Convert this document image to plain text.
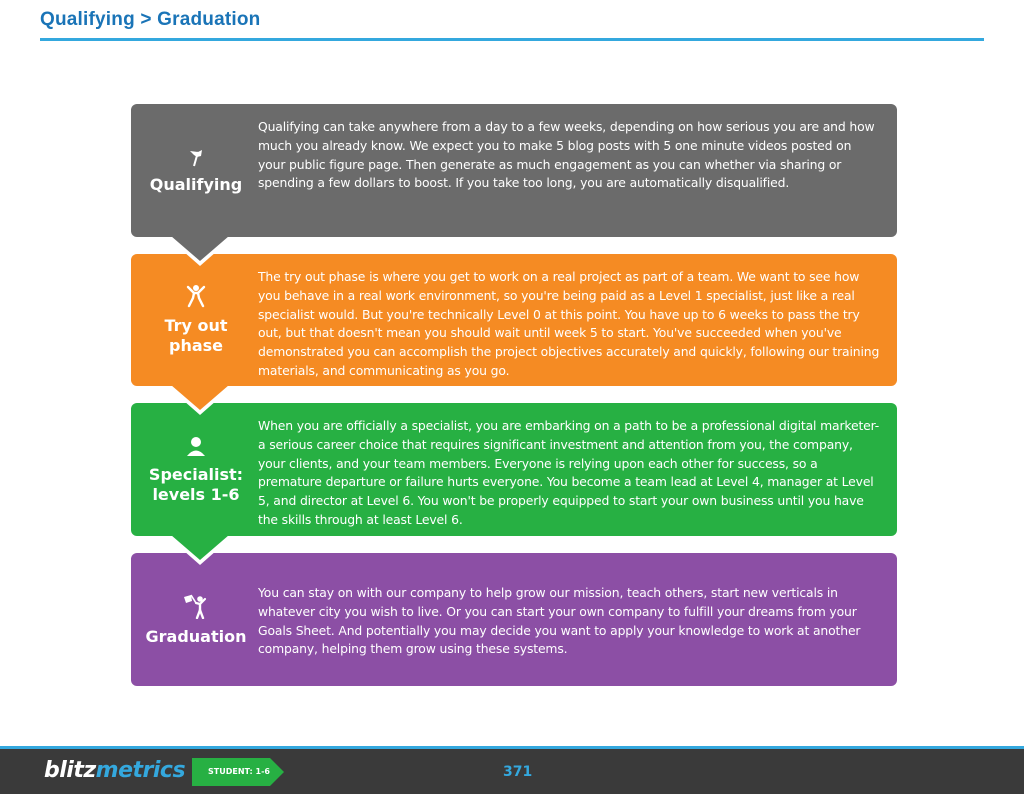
Qualifying > Graduation
Qualifying
Qualifying can take anywhere from a day to a few weeks, depending on how serious you are and how much you already know. We expect you to make 5 blog posts with 5 one minute videos posted on your public figure page. Then generate as much engagement as you can whether via sharing or spending a few dollars to boost. If you take too long, you are automatically disqualified.
Try out phase
The try out phase is where you get to work on a real project as part of a team. We want to see how you behave in a real work environment, so you're being paid as a Level 1 specialist, just like a real specialist would. But you're technically Level 0 at this point. You have up to 6 weeks to pass the try out, but that doesn't mean you should wait until week 5 to start. You've succeeded when you've demonstrated you can accomplish the project objectives accurately and quickly, following our training materials, and communicating as you go.
Specialist: levels 1-6
When you are officially a specialist, you are embarking on a path to be a professional digital marketer- a serious career choice that requires significant investment and attention from you, the company, your clients, and your team members. Everyone is relying upon each other for success, so a premature departure or failure hurts everyone. You become a team lead at Level 4, manager at Level 5, and director at Level 6. You won't be properly equipped to start your own business until you have the skills through at least Level 6.
Graduation
You can stay on with our company to help grow our mission, teach others, start new verticals in whatever city you wish to live. Or you can start your own company to fulfill your dreams from your Goals Sheet. And potentially you may decide you want to apply your knowledge to work at another company, helping them grow using these systems.
blitzmetrics	STUDENT: 1-6	371
